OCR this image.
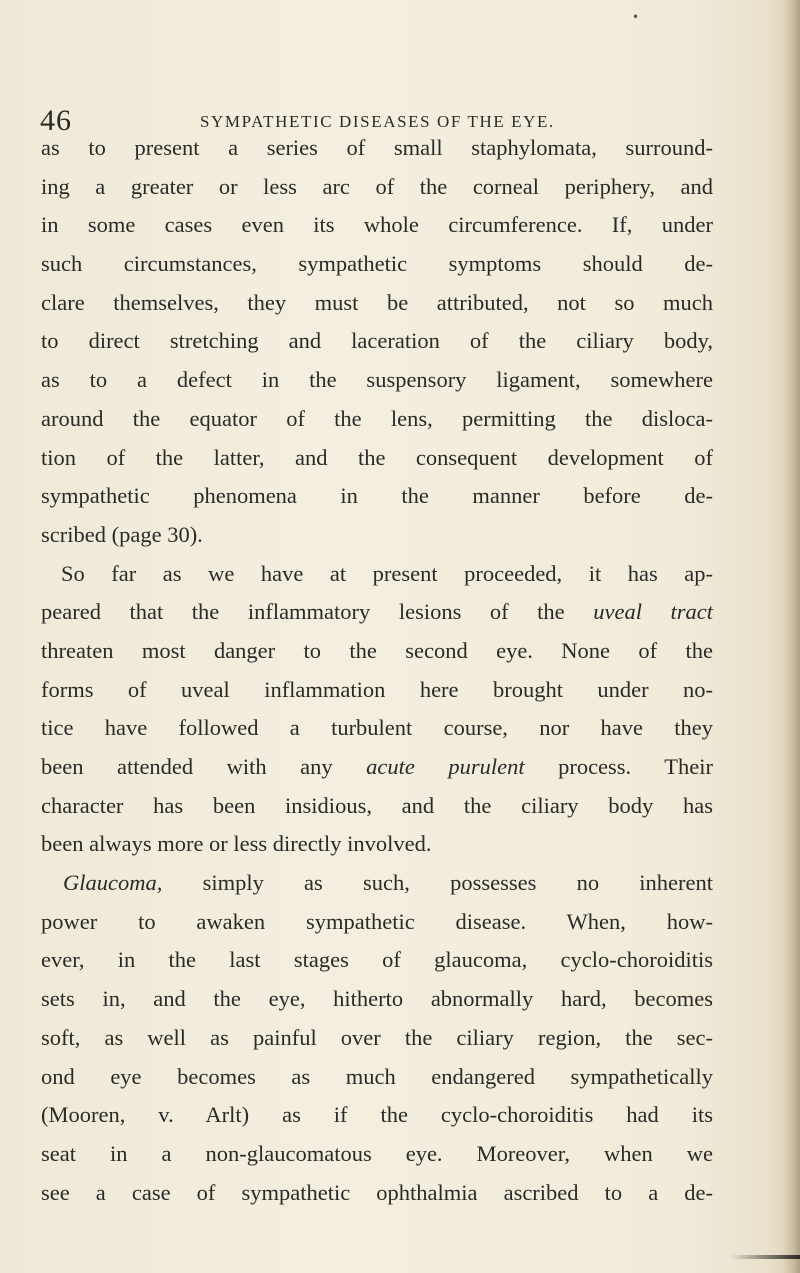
•
46	SYMPATHETIC DISEASES OF THE EYE.
as to present a series of small staphylomata, surround-
ing a greater or less arc of the corneal periphery, and
in some cases even its whole circumference. If, under
such circumstances, sympathetic symptoms should de-
clare themselves, they must be attributed, not so much
to direct stretching and laceration of the ciliary body,
as to a defect in the suspensory ligament, somewhere
around the equator of the lens, permitting the disloca-
tion of the latter, and the consequent development of
sympathetic phenomena in the manner before de-
scribed (page 30).
So far as we have at present proceeded, it has ap-
peared that the inflammatory lesions of the uveal tract
threaten most danger to the second eye. None of the
forms of uveal inflammation here brought under no-
tice have followed a turbulent course, nor have they
been attended with any acute purulent process. Their
character has been insidious, and the ciliary body has
been always more or less directly involved.
Glaucoma, simply as such, possesses no inherent
power to awaken sympathetic disease. When, how-
ever, in the last stages of glaucoma, cyclo-choroiditis
sets in, and the eye, hitherto abnormally hard, becomes
soft, as well as painful over the ciliary region, the sec-
ond eye becomes as much endangered sympathetically
(Mooren, v. Arlt) as if the cyclo-choroiditis had its
seat in a non-glaucomatous eye. Moreover, when we
see a case of sympathetic ophthalmia ascribed to a de-
